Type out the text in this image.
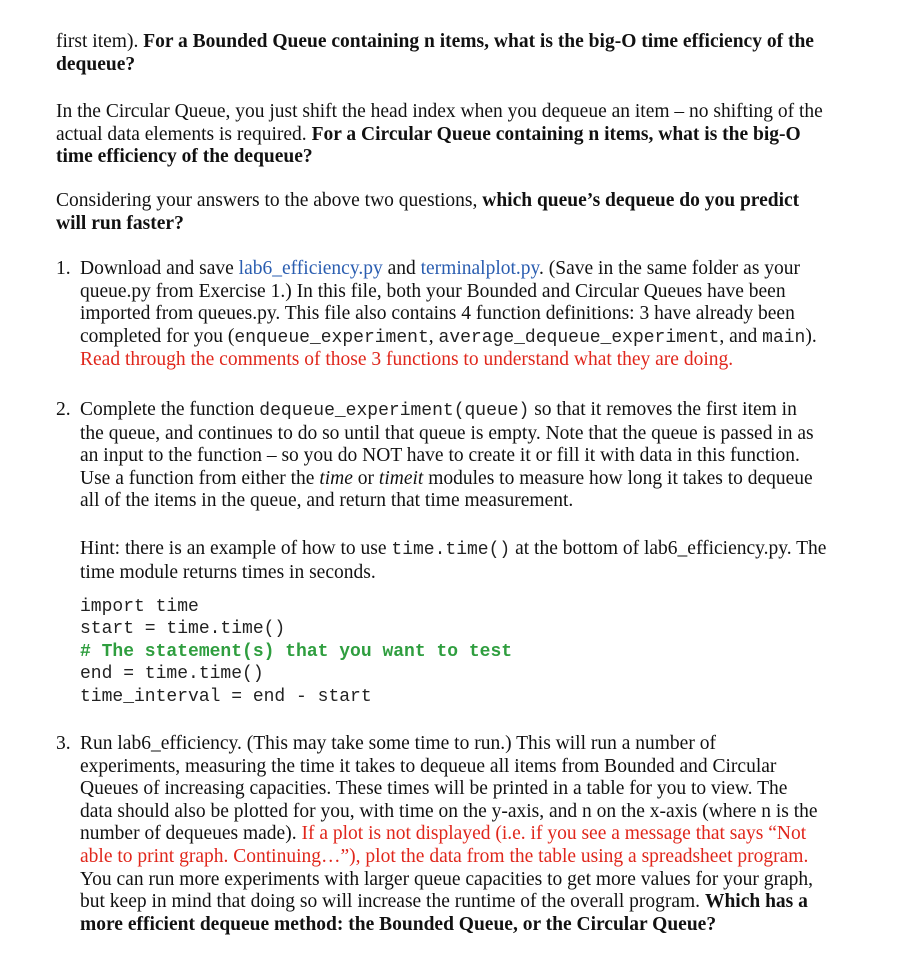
first item). For a Bounded Queue containing n items, what is the big-O time efficiency of the dequeue?

In the Circular Queue, you just shift the head index when you dequeue an item – no shifting of the actual data elements is required. For a Circular Queue containing n items, what is the big-O time efficiency of the dequeue?

Considering your answers to the above two questions, which queue’s dequeue do you predict will run faster?

1. Download and save lab6_efficiency.py and terminalplot.py. (Save in the same folder as your queue.py from Exercise 1.) In this file, both your Bounded and Circular Queues have been imported from queues.py. This file also contains 4 function definitions: 3 have already been completed for you (enqueue_experiment, average_dequeue_experiment, and main). Read through the comments of those 3 functions to understand what they are doing.

2. Complete the function dequeue_experiment(queue) so that it removes the first item in the queue, and continues to do so until that queue is empty. Note that the queue is passed in as an input to the function – so you do NOT have to create it or fill it with data in this function. Use a function from either the time or timeit modules to measure how long it takes to dequeue all of the items in the queue, and return that time measurement.

Hint: there is an example of how to use time.time() at the bottom of lab6_efficiency.py. The time module returns times in seconds.

import time
start = time.time()
# The statement(s) that you want to test
end = time.time()
time_interval = end - start
3. Run lab6_efficiency. (This may take some time to run.) This will run a number of experiments, measuring the time it takes to dequeue all items from Bounded and Circular Queues of increasing capacities. These times will be printed in a table for you to view. The data should also be plotted for you, with time on the y-axis, and n on the x-axis (where n is the number of dequeues made). If a plot is not displayed (i.e. if you see a message that says “Not able to print graph. Continuing…”), plot the data from the table using a spreadsheet program. You can run more experiments with larger queue capacities to get more values for your graph, but keep in mind that doing so will increase the runtime of the overall program. Which has a more efficient dequeue method: the Bounded Queue, or the Circular Queue?
